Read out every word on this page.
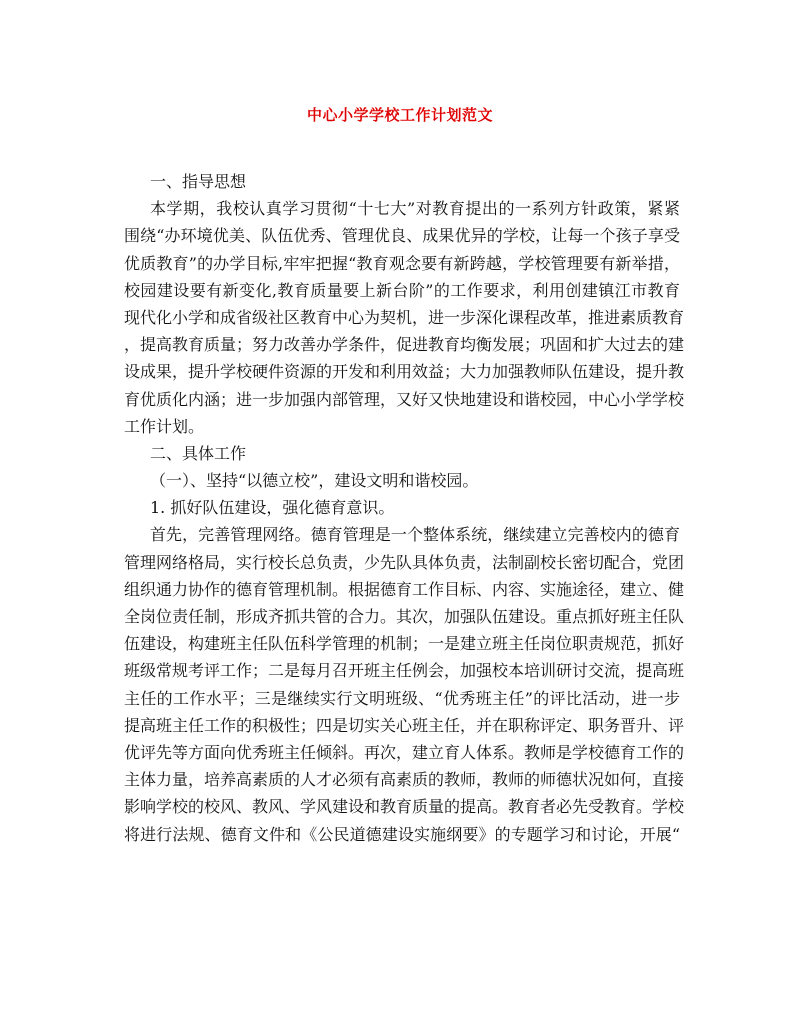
中心小学学校工作计划范文
一、指导思想
本学期，我校认真学习贯彻“十七大”对教育提出的一系列方针政策，紧紧
围绕“办环境优美、队伍优秀、管理优良、成果优异的学校，让每一个孩子享受
优质教育”的办学目标,牢牢把握“教育观念要有新跨越，学校管理要有新举措，
校园建设要有新变化,教育质量要上新台阶”的工作要求，利用创建镇江市教育
现代化小学和成省级社区教育中心为契机，进一步深化课程改革，推进素质教育
，提高教育质量；努力改善办学条件，促进教育均衡发展；巩固和扩大过去的建
设成果，提升学校硬件资源的开发和利用效益；大力加强教师队伍建设，提升教
育优质化内涵；进一步加强内部管理，又好又快地建设和谐校园，中心小学学校
工作计划。
二、具体工作
（一）、坚持“以德立校”，建设文明和谐校园。
1. 抓好队伍建设，强化德育意识。
首先，完善管理网络。德育管理是一个整体系统，继续建立完善校内的德育
管理网络格局，实行校长总负责，少先队具体负责，法制副校长密切配合，党团
组织通力协作的德育管理机制。根据德育工作目标、内容、实施途径，建立、健
全岗位责任制，形成齐抓共管的合力。其次，加强队伍建设。重点抓好班主任队
伍建设，构建班主任队伍科学管理的机制；一是建立班主任岗位职责规范，抓好
班级常规考评工作；二是每月召开班主任例会，加强校本培训研讨交流，提高班
主任的工作水平；三是继续实行文明班级、“优秀班主任”的评比活动，进一步
提高班主任工作的积极性；四是切实关心班主任，并在职称评定、职务晋升、评
优评先等方面向优秀班主任倾斜。再次，建立育人体系。教师是学校德育工作的
主体力量，培养高素质的人才必须有高素质的教师，教师的师德状况如何，直接
影响学校的校风、教风、学风建设和教育质量的提高。教育者必先受教育。学校
将进行法规、德育文件和《公民道德建设实施纲要》的专题学习和讨论，开展“
